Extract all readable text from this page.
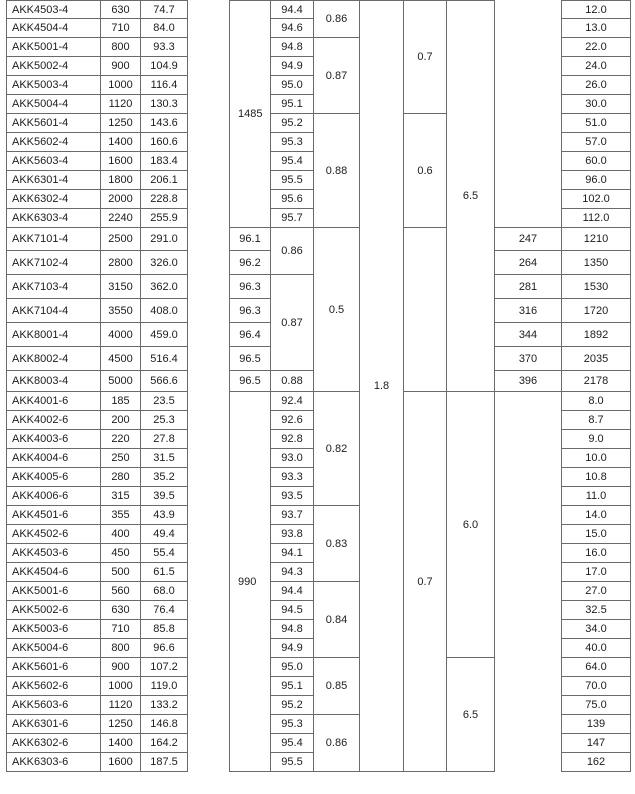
AKK4503-4	630	74.7		1485	94.4	0.86	1.8	0.7	6.5		12.0		
AKK4504-4	710	84.0			94.6						13.0		
AKK5001-4	800	93.3			94.8	0.87					22.0		
AKK5002-4	900	104.9			94.9						24.0		
AKK5003-4	1000	116.4			95.0						26.0		
AKK5004-4	1120	130.3			95.1						30.0		
AKK5601-4	1250	143.6			95.2	0.88		0.6			51.0		
AKK5602-4	1400	160.6			95.3						57.0		
AKK5603-4	1600	183.4			95.4						60.0		
AKK6301-4	1800	206.1			95.5						96.0		
AKK6302-4	2000	228.8			95.6						102.0		
AKK6303-4	2240	255.9			95.7						112.0		
AKK7101-4	2500	291.0		96.1	0.86	0.5				247	1210	
AKK7102-4	2800	326.0		96.2						264	1350	
AKK7103-4	3150	362.0		96.3	0.87					281	1530	
AKK7104-4	3550	408.0		96.3						316	1720	
AKK8001-4	4000	459.0		96.4						344	1892	
AKK8002-4	4500	516.4		96.5						370	2035	
AKK8003-4	5000	566.6		96.5	0.88					396	2178	
AKK4001-6	185	23.5		990	92.4	0.82		0.7	6.0		8.0		
AKK4002-6	200	25.3			92.6						8.7		
AKK4003-6	220	27.8			92.8						9.0		
AKK4004-6	250	31.5			93.0						10.0		
AKK4005-6	280	35.2			93.3						10.8		
AKK4006-6	315	39.5			93.5						11.0		
AKK4501-6	355	43.9			93.7	0.83					14.0		
AKK4502-6	400	49.4			93.8						15.0		
AKK4503-6	450	55.4			94.1						16.0		
AKK4504-6	500	61.5			94.3						17.0		
AKK5001-6	560	68.0			94.4	0.84					27.0		
AKK5002-6	630	76.4			94.5						32.5		
AKK5003-6	710	85.8			94.8						34.0		
AKK5004-6	800	96.6			94.9						40.0		
AKK5601-6	900	107.2			95.0	0.85			6.5		64.0		
AKK5602-6	1000	119.0			95.1						70.0		
AKK5603-6	1120	133.2			95.2						75.0		
AKK6301-6	1250	146.8			95.3	0.86					139		
AKK6302-6	1400	164.2			95.4						147		
AKK6303-6	1600	187.5			95.5						162		
